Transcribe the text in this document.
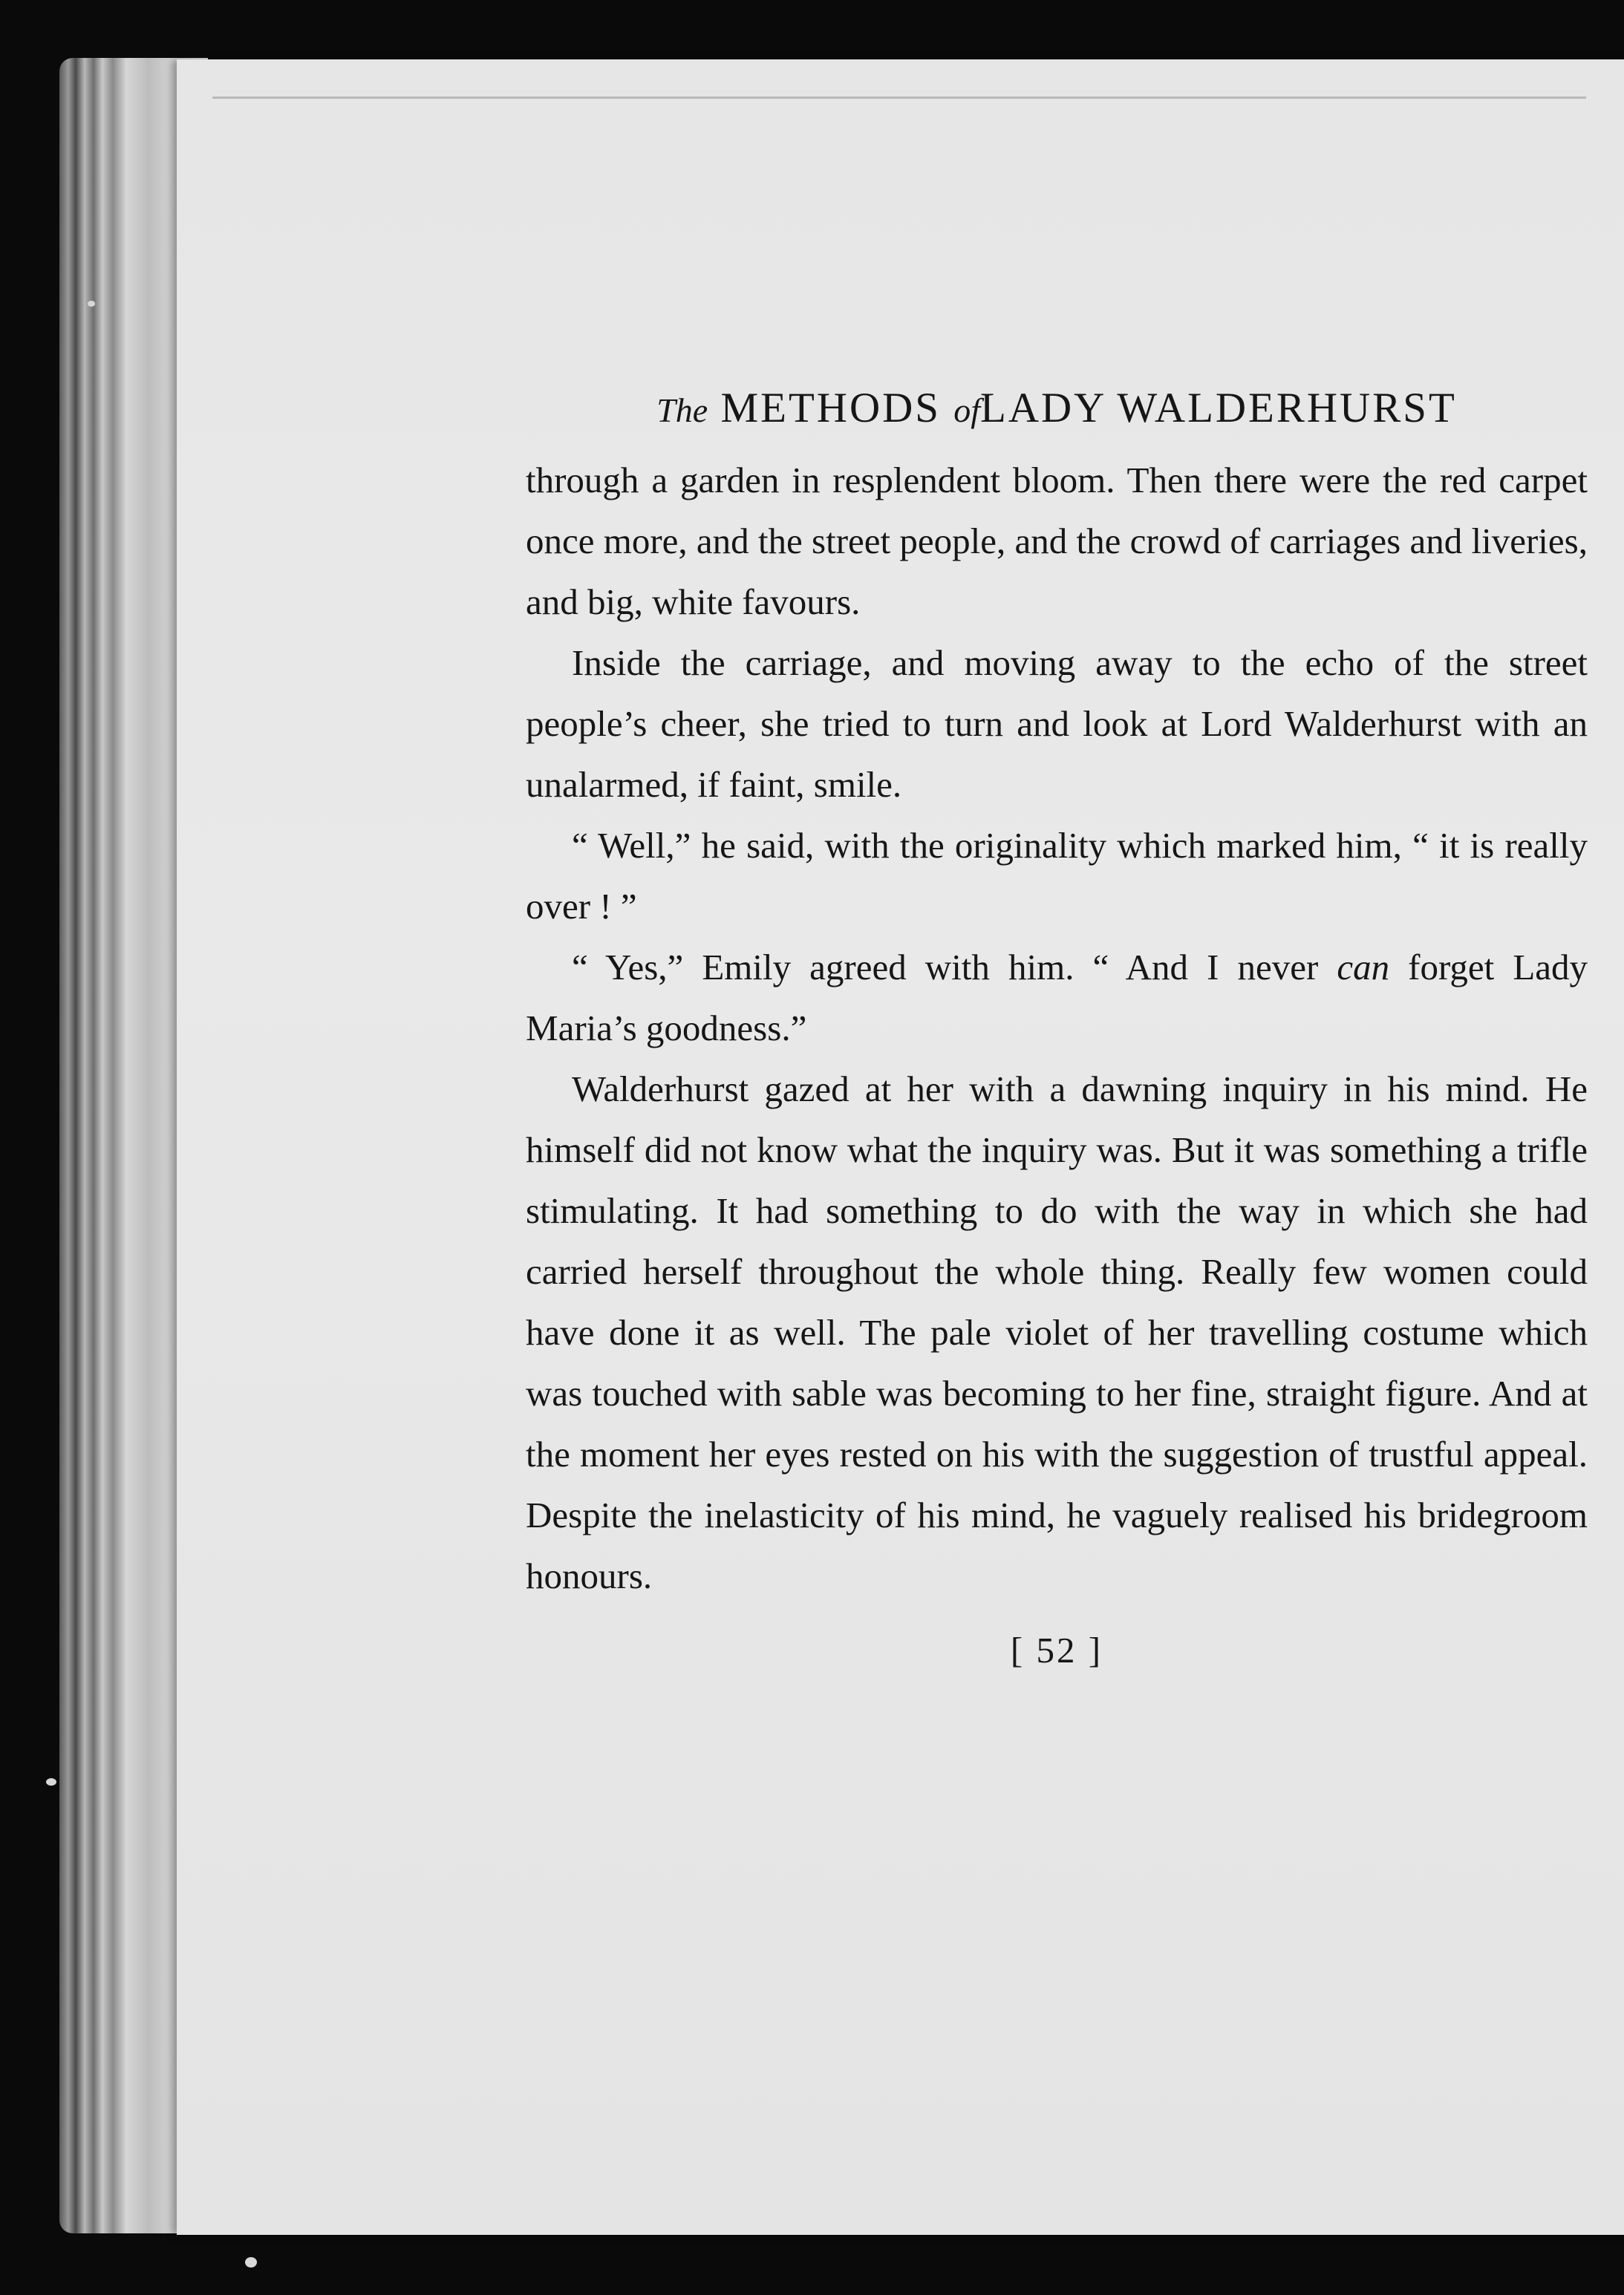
The METHODS ofLADY WALDERHURST

through a garden in resplendent bloom. Then there were the red carpet once more, and the street people, and the crowd of carriages and liveries, and big, white favours.

Inside the carriage, and moving away to the echo of the street people’s cheer, she tried to turn and look at Lord Walderhurst with an unalarmed, if faint, smile.

“ Well,” he said, with the originality which marked him, “ it is really over ! ”

“ Yes,” Emily agreed with him. “ And I never can forget Lady Maria’s goodness.”

Walderhurst gazed at her with a dawning inquiry in his mind. He himself did not know what the inquiry was. But it was something a trifle stimulating. It had something to do with the way in which she had carried herself throughout the whole thing. Really few women could have done it as well. The pale violet of her travelling costume which was touched with sable was becoming to her fine, straight figure. And at the moment her eyes rested on his with the suggestion of trustful appeal. Despite the inelasticity of his mind, he vaguely realised his bridegroom honours.

[ 52 ]
